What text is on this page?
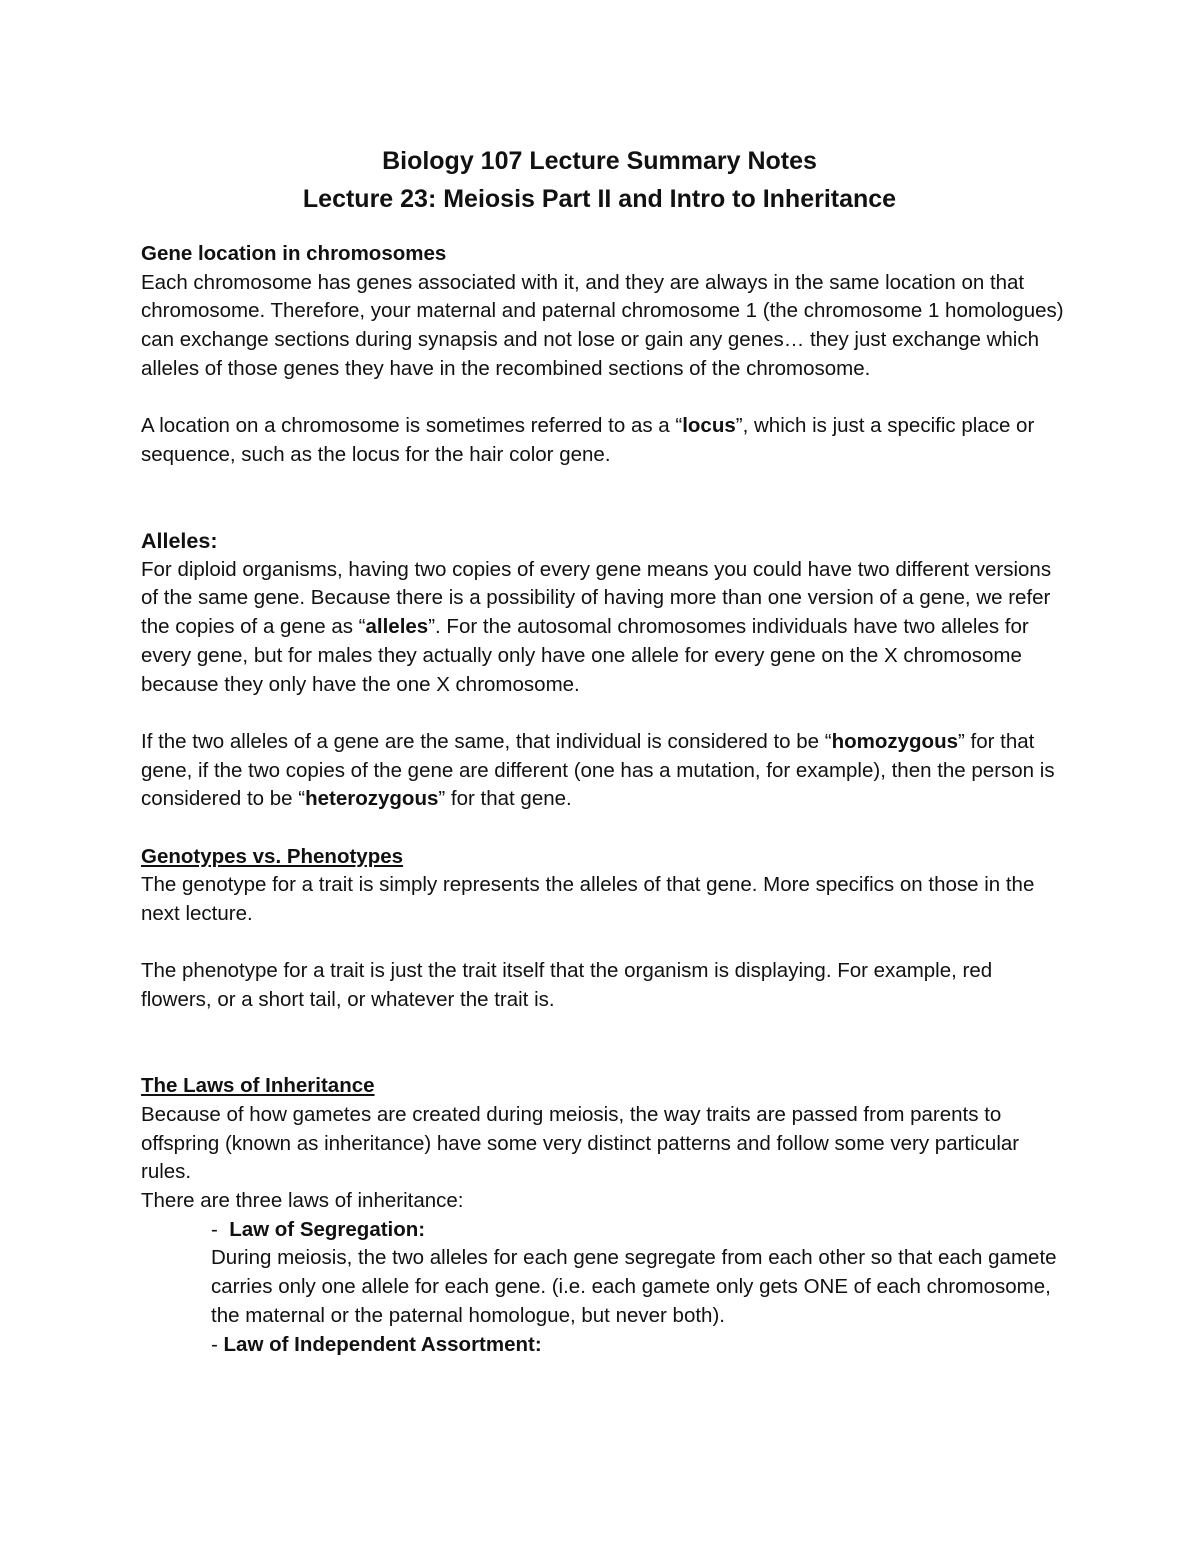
Biology 107 Lecture Summary Notes
Lecture 23: Meiosis Part II and Intro to Inheritance

Gene location in chromosomes

Each chromosome has genes associated with it, and they are always in the same location on that chromosome. Therefore, your maternal and paternal chromosome 1 (the chromosome 1 homologues) can exchange sections during synapsis and not lose or gain any genes… they just exchange which alleles of those genes they have in the recombined sections of the chromosome.

A location on a chromosome is sometimes referred to as a “locus”, which is just a specific place or sequence, such as the locus for the hair color gene.

Alleles:

For diploid organisms, having two copies of every gene means you could have two different versions of the same gene. Because there is a possibility of having more than one version of a gene, we refer the copies of a gene as “alleles”. For the autosomal chromosomes individuals have two alleles for every gene, but for males they actually only have one allele for every gene on the X chromosome because they only have the one X chromosome.

If the two alleles of a gene are the same, that individual is considered to be “homozygous” for that gene, if the two copies of the gene are different (one has a mutation, for example), then the person is considered to be “heterozygous” for that gene.

Genotypes vs. Phenotypes

The genotype for a trait is simply represents the alleles of that gene. More specifics on those in the next lecture.

The phenotype for a trait is just the trait itself that the organism is displaying. For example, red flowers, or a short tail, or whatever the trait is.

The Laws of Inheritance

Because of how gametes are created during meiosis, the way traits are passed from parents to offspring (known as inheritance) have some very distinct patterns and follow some very particular rules.

There are three laws of inheritance:

-  Law of Segregation:

During meiosis, the two alleles for each gene segregate from each other so that each gamete carries only one allele for each gene. (i.e. each gamete only gets ONE of each chromosome, the maternal or the paternal homologue, but never both).

- Law of Independent Assortment:
